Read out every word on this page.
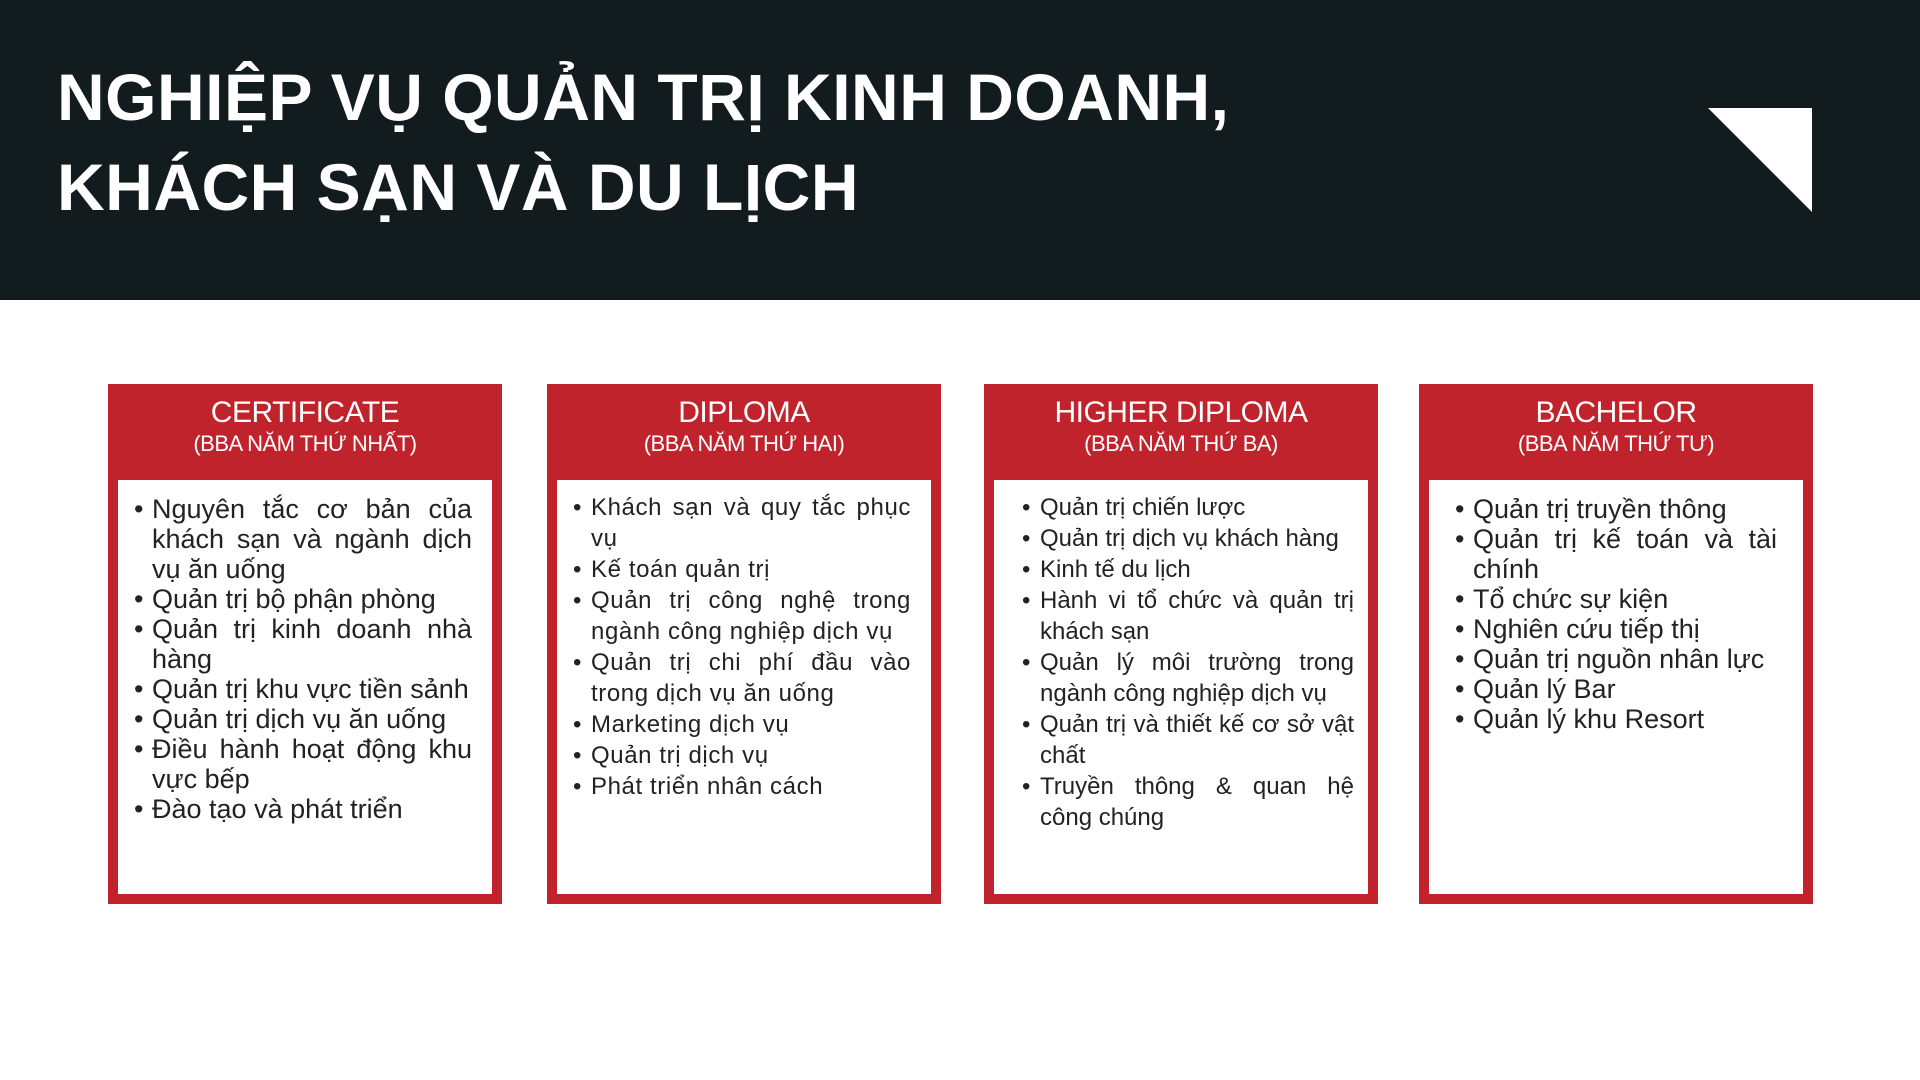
NGHIỆP VỤ QUẢN TRỊ KINH DOANH,
KHÁCH SẠN VÀ DU LỊCH
CERTIFICATE
(BBA NĂM THỨ NHẤT)
• Nguyên tắc cơ bản của khách sạn và ngành dịch vụ ăn uống
• Quản trị bộ phận phòng
• Quản trị kinh doanh nhà hàng
• Quản trị khu vực tiền sảnh
• Quản trị dịch vụ ăn uống
• Điều hành hoạt động khu vực bếp
• Đào tạo và phát triển
DIPLOMA
(BBA NĂM THỨ HAI)
• Khách sạn và quy tắc phục vụ
• Kế toán quản trị
• Quản trị công nghệ trong ngành công nghiệp dịch vụ
• Quản trị chi phí đầu vào trong dịch vụ ăn uống
• Marketing dịch vụ
• Quản trị dịch vụ
• Phát triển nhân cách
HIGHER DIPLOMA
(BBA NĂM THỨ BA)
• Quản trị chiến lược
• Quản trị dịch vụ khách hàng
• Kinh tế du lịch
• Hành vi tổ chức và quản trị khách sạn
• Quản lý môi trường trong ngành công nghiệp dịch vụ
• Quản trị và thiết kế cơ sở vật chất
• Truyền thông & quan hệ công chúng
BACHELOR
(BBA NĂM THỨ TƯ)
• Quản trị truyền thông
• Quản trị kế toán và tài chính
• Tổ chức sự kiện
• Nghiên cứu tiếp thị
• Quản trị nguồn nhân lực
• Quản lý Bar
• Quản lý khu Resort
